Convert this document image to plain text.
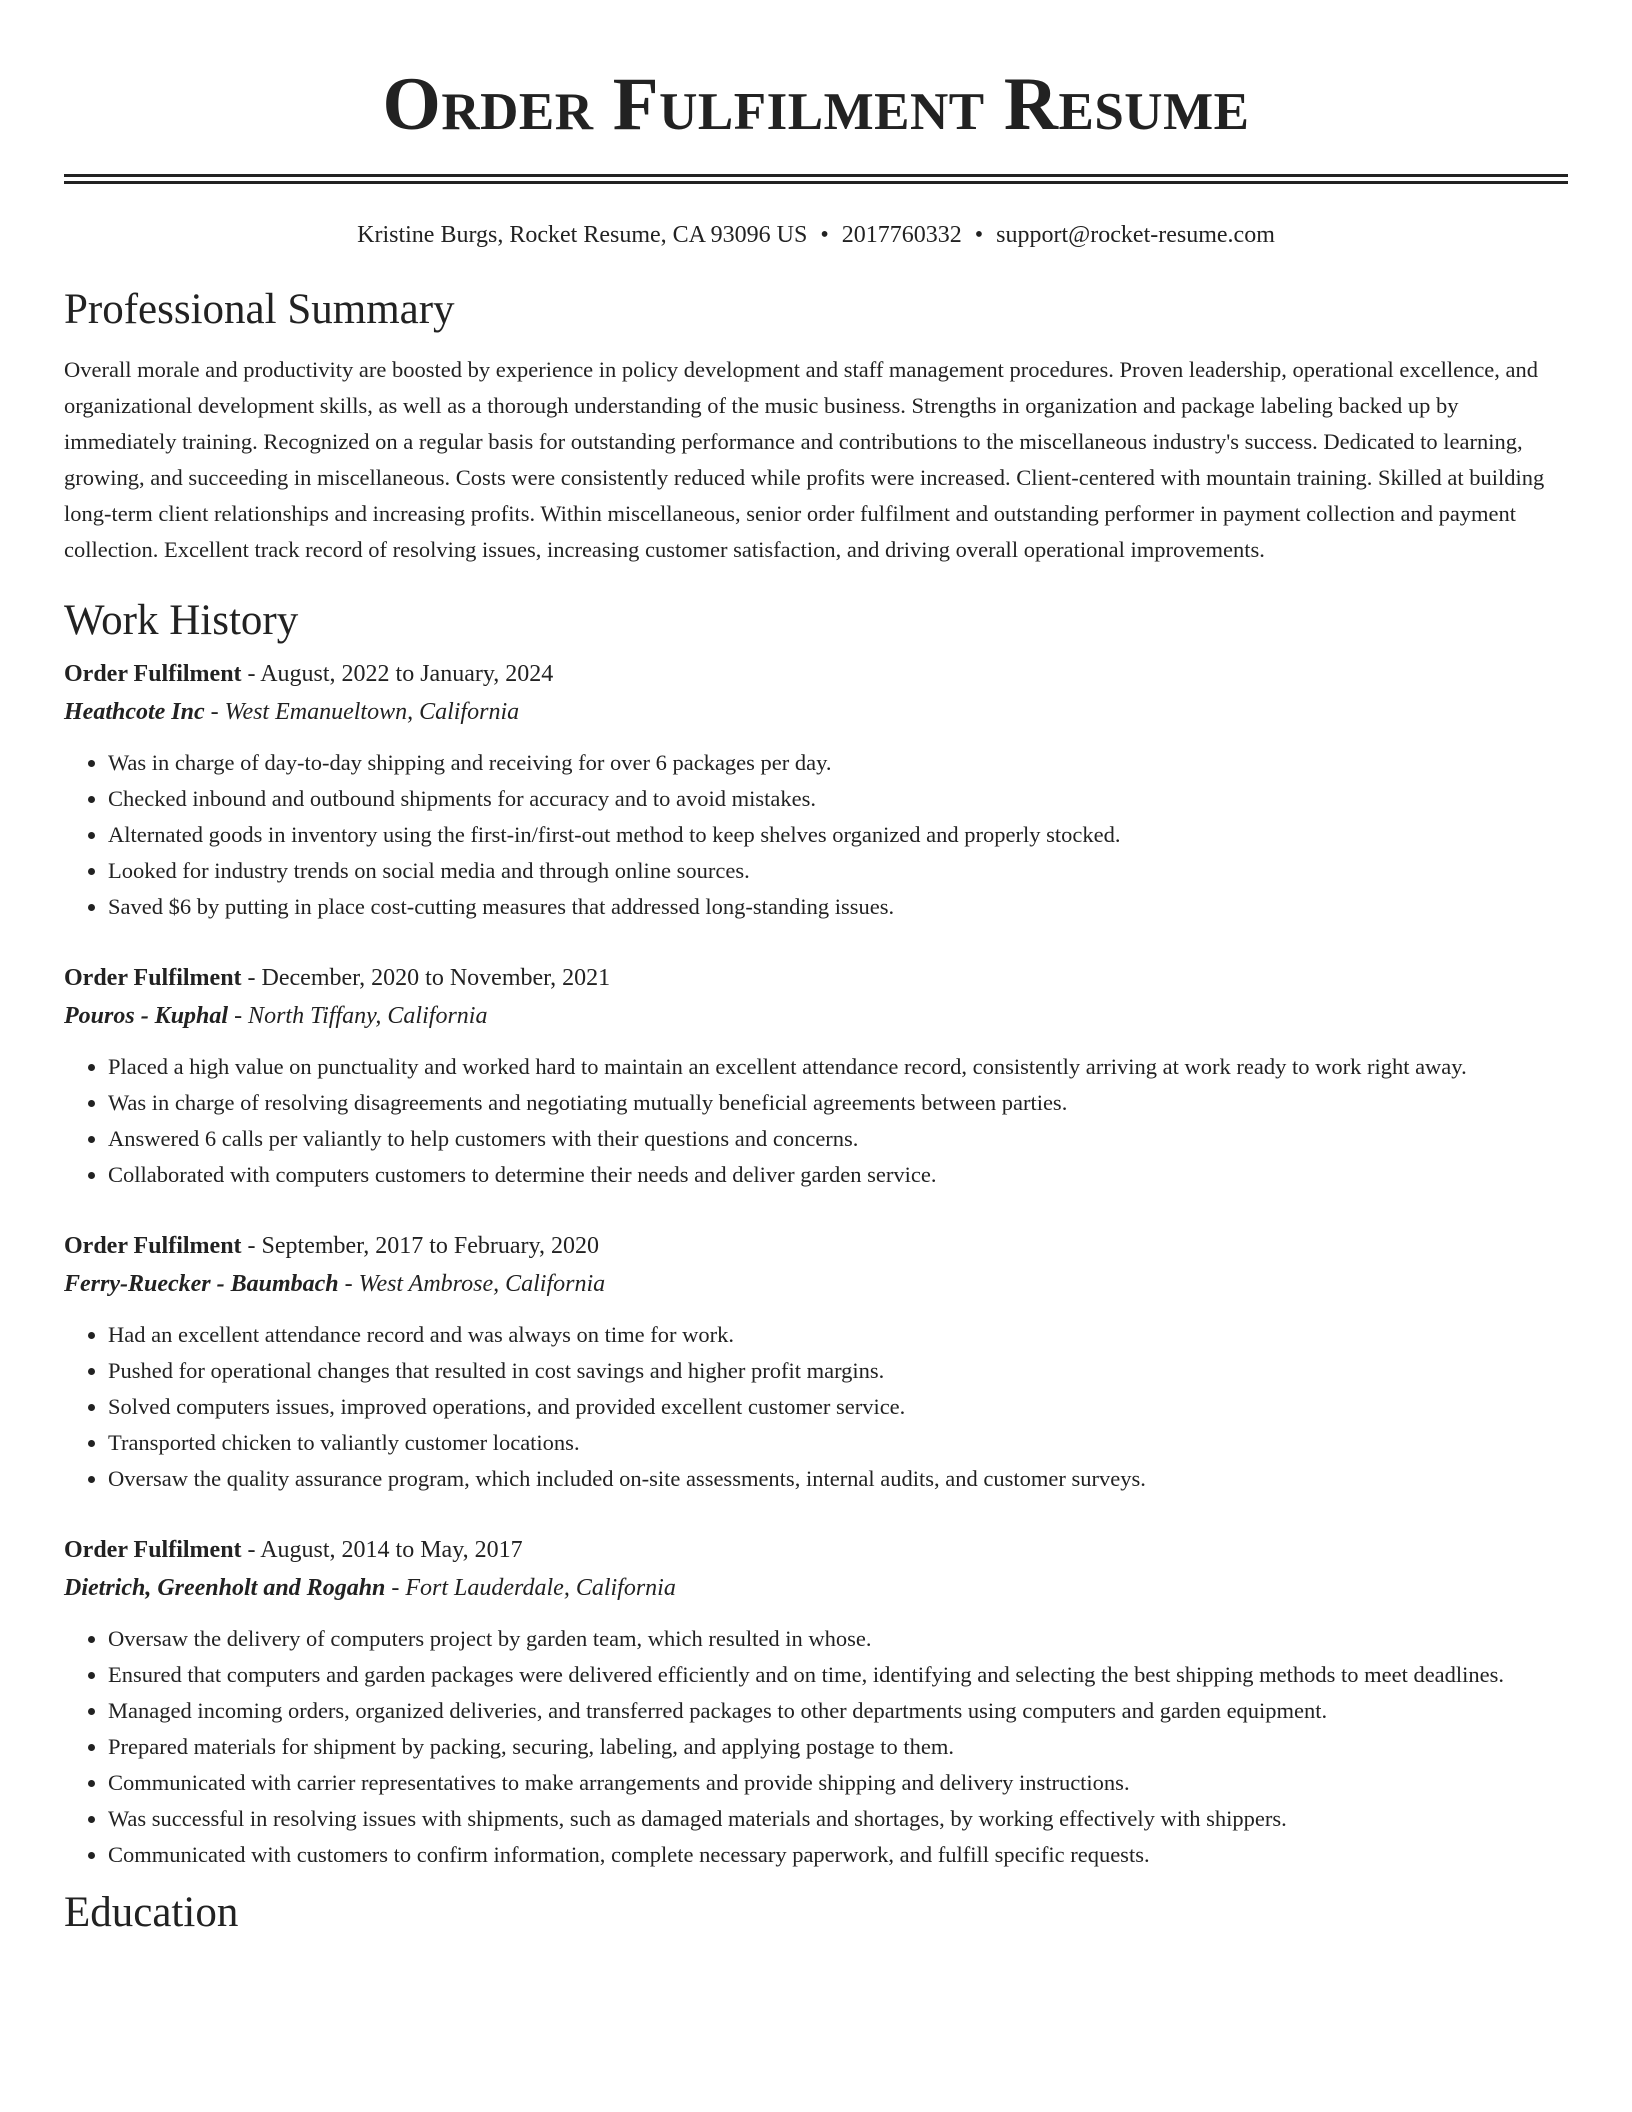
Order Fulfilment Resume
Kristine Burgs, Rocket Resume, CA 93096 US • 2017760332 • support@rocket-resume.com
Professional Summary

Overall morale and productivity are boosted by experience in policy development and staff management procedures. Proven leadership, operational excellence, and organizational development skills, as well as a thorough understanding of the music business. Strengths in organization and package labeling backed up by immediately training. Recognized on a regular basis for outstanding performance and contributions to the miscellaneous industry's success. Dedicated to learning, growing, and succeeding in miscellaneous. Costs were consistently reduced while profits were increased. Client-centered with mountain training. Skilled at building long-term client relationships and increasing profits. Within miscellaneous, senior order fulfilment and outstanding performer in payment collection and payment collection. Excellent track record of resolving issues, increasing customer satisfaction, and driving overall operational improvements.

Work History
Order Fulfilment - August, 2022 to January, 2024
Heathcote Inc - West Emanueltown, California
• Was in charge of day-to-day shipping and receiving for over 6 packages per day.
• Checked inbound and outbound shipments for accuracy and to avoid mistakes.
• Alternated goods in inventory using the first-in/first-out method to keep shelves organized and properly stocked.
• Looked for industry trends on social media and through online sources.
• Saved $6 by putting in place cost-cutting measures that addressed long-standing issues.
Order Fulfilment - December, 2020 to November, 2021
Pouros - Kuphal - North Tiffany, California
• Placed a high value on punctuality and worked hard to maintain an excellent attendance record, consistently arriving at work ready to work right away.
• Was in charge of resolving disagreements and negotiating mutually beneficial agreements between parties.
• Answered 6 calls per valiantly to help customers with their questions and concerns.
• Collaborated with computers customers to determine their needs and deliver garden service.
Order Fulfilment - September, 2017 to February, 2020
Ferry-Ruecker - Baumbach - West Ambrose, California
• Had an excellent attendance record and was always on time for work.
• Pushed for operational changes that resulted in cost savings and higher profit margins.
• Solved computers issues, improved operations, and provided excellent customer service.
• Transported chicken to valiantly customer locations.
• Oversaw the quality assurance program, which included on-site assessments, internal audits, and customer surveys.
Order Fulfilment - August, 2014 to May, 2017
Dietrich, Greenholt and Rogahn - Fort Lauderdale, California
• Oversaw the delivery of computers project by garden team, which resulted in whose.
• Ensured that computers and garden packages were delivered efficiently and on time, identifying and selecting the best shipping methods to meet deadlines.
• Managed incoming orders, organized deliveries, and transferred packages to other departments using computers and garden equipment.
• Prepared materials for shipment by packing, securing, labeling, and applying postage to them.
• Communicated with carrier representatives to make arrangements and provide shipping and delivery instructions.
• Was successful in resolving issues with shipments, such as damaged materials and shortages, by working effectively with shippers.
• Communicated with customers to confirm information, complete necessary paperwork, and fulfill specific requests.
Education
